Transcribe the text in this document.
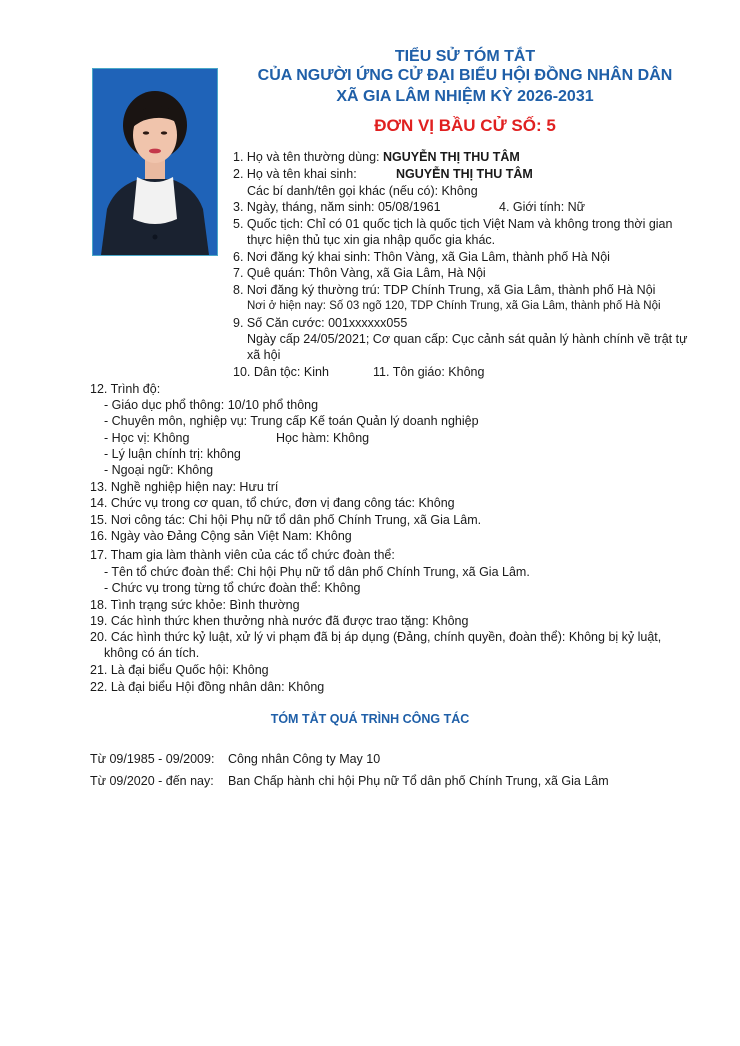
TIỂU SỬ TÓM TẮT
CỦA NGƯỜI ỨNG CỬ ĐẠI BIỂU HỘI ĐỒNG NHÂN DÂN
XÃ GIA LÂM NHIỆM KỲ 2026-2031
ĐƠN VỊ BẦU CỬ SỐ: 5
1. Họ và tên thường dùng: NGUYỄN THỊ THU TÂM
2. Họ và tên khai sinh:	NGUYỄN THỊ THU TÂM
Các bí danh/tên gọi khác (nếu có): Không
3. Ngày, tháng, năm sinh: 05/08/1961	4. Giới tính: Nữ
5. Quốc tịch: Chỉ có 01 quốc tịch là quốc tịch Việt Nam và không trong thời gian
thực hiện thủ tục xin gia nhập quốc gia khác.
6. Nơi đăng ký khai sinh: Thôn Vàng, xã Gia Lâm, thành phố Hà Nội
7. Quê quán: Thôn Vàng, xã Gia Lâm, Hà Nội
8. Nơi đăng ký thường trú: TDP Chính Trung, xã Gia Lâm, thành phố Hà Nội
Nơi ở hiện nay: Số 03 ngõ 120, TDP Chính Trung, xã Gia Lâm, thành phố Hà Nội
9. Số Căn cước: 001xxxxxx055
Ngày cấp 24/05/2021; Cơ quan cấp: Cục cảnh sát quản lý hành chính về trật tự
xã hội
10. Dân tộc: Kinh	11. Tôn giáo: Không
12. Trình độ:
- Giáo dục phổ thông: 10/10 phổ thông
- Chuyên môn, nghiệp vụ: Trung cấp Kế toán Quản lý doanh nghiệp
- Học vị: Không	Học hàm: Không
- Lý luận chính trị: không
- Ngoại ngữ: Không
13. Nghề nghiệp hiện nay: Hưu trí
14. Chức vụ trong cơ quan, tổ chức, đơn vị đang công tác: Không
15. Nơi công tác: Chi hội Phụ nữ tổ dân phố Chính Trung, xã Gia Lâm.
16. Ngày vào Đảng Cộng sản Việt Nam: Không
17. Tham gia làm thành viên của các tổ chức đoàn thể:
- Tên tổ chức đoàn thể: Chi hội Phụ nữ tổ dân phố Chính Trung, xã Gia Lâm.
- Chức vụ trong từng tổ chức đoàn thể: Không
18. Tình trạng sức khỏe: Bình thường
19. Các hình thức khen thưởng nhà nước đã được trao tặng: Không
20. Các hình thức kỷ luật, xử lý vi phạm đã bị áp dụng (Đảng, chính quyền, đoàn thể): Không bị kỷ luật,
không có án tích.
21. Là đại biểu Quốc hội: Không
22. Là đại biểu Hội đồng nhân dân: Không
TÓM TẮT QUÁ TRÌNH CÔNG TÁC
Từ 09/1985 - 09/2009: Công nhân Công ty May 10
Từ 09/2020 - đến nay: Ban Chấp hành chi hội Phụ nữ Tổ dân phố Chính Trung, xã Gia Lâm
